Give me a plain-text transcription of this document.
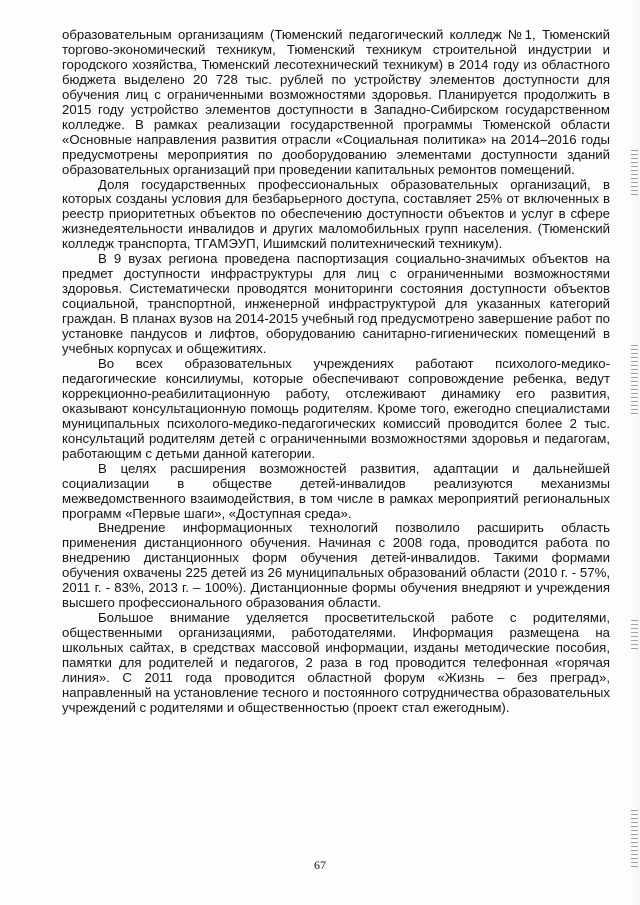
образовательным организациям (Тюменский педагогический колледж №1, Тюменский торгово-экономический техникум, Тюменский техникум строительной индустрии и городского хозяйства, Тюменский лесотехнический техникум) в 2014 году из областного бюджета выделено 20 728 тыс. рублей по устройству элементов доступности для обучения лиц с ограниченными возможностями здоровья. Планируется продолжить в 2015 году устройство элементов доступности в Западно-Сибирском государственном колледже. В рамках реализации государственной программы Тюменской области «Основные направления развития отрасли «Социальная политика» на 2014–2016 годы предусмотрены мероприятия по дооборудованию элементами доступности зданий образовательных организаций при проведении капитальных ремонтов помещений.

Доля государственных профессиональных образовательных организаций, в которых созданы условия для безбарьерного доступа, составляет 25% от включенных в реестр приоритетных объектов по обеспечению доступности объектов и услуг в сфере жизнедеятельности инвалидов и других маломобильных групп населения. (Тюменский колледж транспорта, ТГАМЭУП, Ишимский политехнический техникум).

В 9 вузах региона проведена паспортизация социально-значимых объектов на предмет доступности инфраструктуры для лиц с ограниченными возможностями здоровья. Систематически проводятся мониторинги состояния доступности объектов социальной, транспортной, инженерной инфраструктурой для указанных категорий граждан. В планах вузов на 2014-2015 учебный год предусмотрено завершение работ по установке пандусов и лифтов, оборудованию санитарно-гигиенических помещений в учебных корпусах и общежитиях.

Во всех образовательных учреждениях работают психолого-медико-педагогические консилиумы, которые обеспечивают сопровождение ребенка, ведут коррекционно-реабилитационную работу, отслеживают динамику его развития, оказывают консультационную помощь родителям. Кроме того, ежегодно специалистами муниципальных психолого-медико-педагогических комиссий проводится более 2 тыс. консультаций родителям детей с ограниченными возможностями здоровья и педагогам, работающим с детьми данной категории.

В целях расширения возможностей развития, адаптации и дальнейшей социализации в обществе детей-инвалидов реализуются механизмы межведомственного взаимодействия, в том числе в рамках мероприятий региональных программ «Первые шаги», «Доступная среда».

Внедрение информационных технологий позволило расширить область применения дистанционного обучения. Начиная с 2008 года, проводится работа по внедрению дистанционных форм обучения детей-инвалидов. Такими формами обучения охвачены 225 детей из 26 муниципальных образований области (2010 г. - 57%, 2011 г. - 83%, 2013 г. – 100%). Дистанционные формы обучения внедряют и учреждения высшего профессионального образования области.

Большое внимание уделяется просветительской работе с родителями, общественными организациями, работодателями. Информация размещена на школьных сайтах, в средствах массовой информации, изданы методические пособия, памятки для родителей и педагогов, 2 раза в год проводится телефонная «горячая линия». С 2011 года проводится областной форум «Жизнь – без преград», направленный на установление тесного и постоянного сотрудничества образовательных учреждений с родителями и общественностью (проект стал ежегодным).

67
